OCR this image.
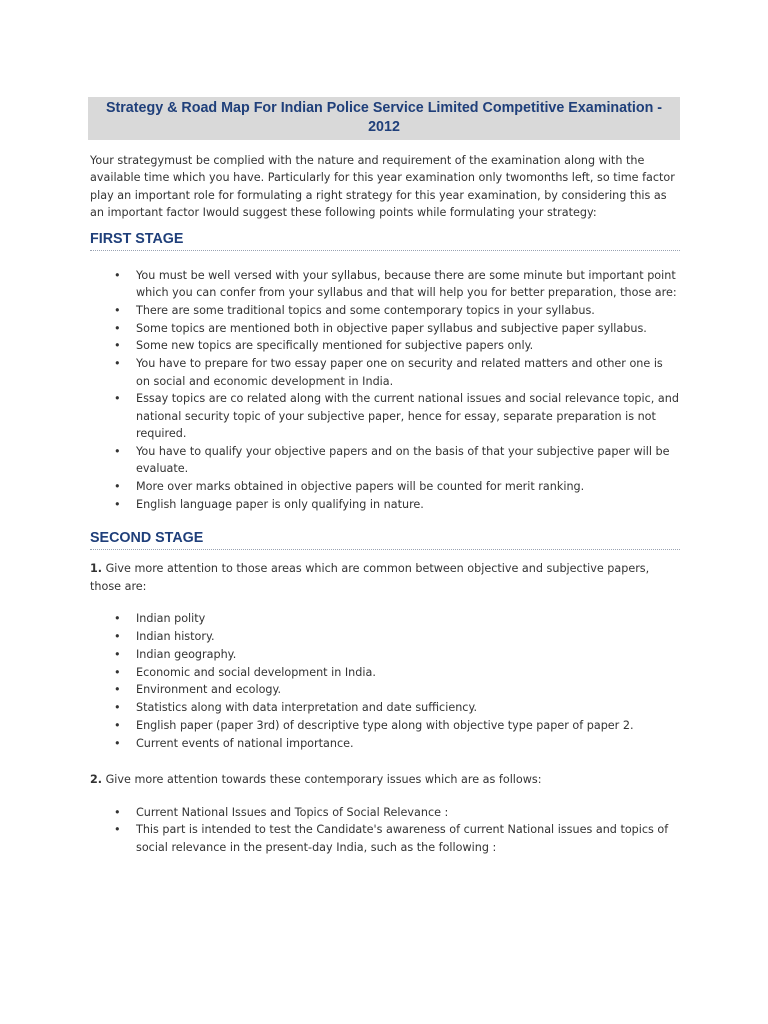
Strategy & Road Map For Indian Police Service Limited Competitive Examination - 2012

Your strategymust be complied with the nature and requirement of the examination along with the available time which you have. Particularly for this year examination only twomonths left, so time factor play an important role for formulating a right strategy for this year examination, by considering this as an important factor Iwould suggest these following points while formulating your strategy:

FIRST STAGE
• You must be well versed with your syllabus, because there are some minute but important point which you can confer from your syllabus and that will help you for better preparation, those are:
• There are some traditional topics and some contemporary topics in your syllabus.
• Some topics are mentioned both in objective paper syllabus and subjective paper syllabus.
• Some new topics are specifically mentioned for subjective papers only.
• You have to prepare for two essay paper one on security and related matters and other one is on social and economic development in India.
• Essay topics are co related along with the current national issues and social relevance topic, and national security topic of your subjective paper, hence for essay, separate preparation is not required.
• You have to qualify your objective papers and on the basis of that your subjective paper will be evaluate.
• More over marks obtained in objective papers will be counted for merit ranking.
• English language paper is only qualifying in nature.
SECOND STAGE

1. Give more attention to those areas which are common between objective and subjective papers, those are:

• Indian polity
• Indian history.
• Indian geography.
• Economic and social development in India.
• Environment and ecology.
• Statistics along with data interpretation and date sufficiency.
• English paper (paper 3rd) of descriptive type along with objective type paper of paper 2.
• Current events of national importance.

2. Give more attention towards these contemporary issues which are as follows:

• Current National Issues and Topics of Social Relevance :
• This part is intended to test the Candidate's awareness of current National issues and topics of social relevance in the present-day India, such as the following :
